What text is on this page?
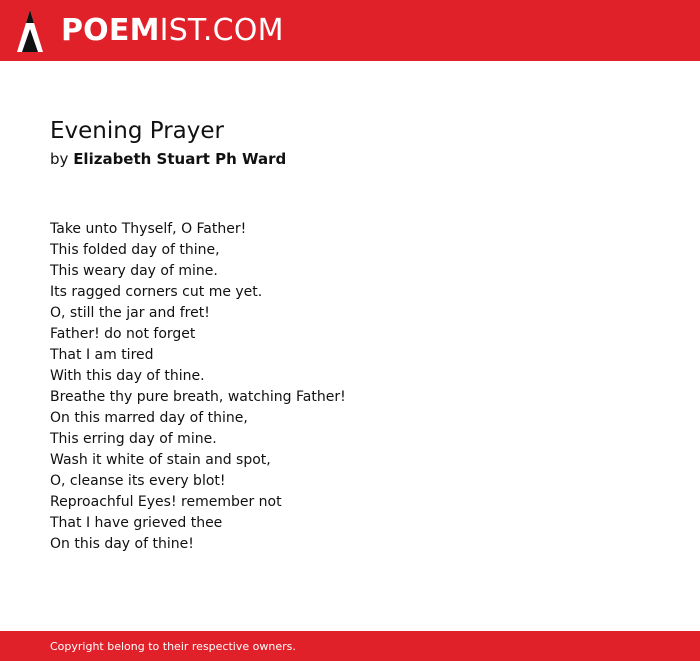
POEMIST.COM
Evening Prayer
by Elizabeth Stuart Ph Ward
Take unto Thyself, O Father!
This folded day of thine,
This weary day of mine.
Its ragged corners cut me yet.
O, still the jar and fret!
Father! do not forget
That I am tired
With this day of thine.
Breathe thy pure breath, watching Father!
On this marred day of thine,
This erring day of mine.
Wash it white of stain and spot,
O, cleanse its every blot!
Reproachful Eyes! remember not
That I have grieved thee
On this day of thine!
Copyright belong to their respective owners.
